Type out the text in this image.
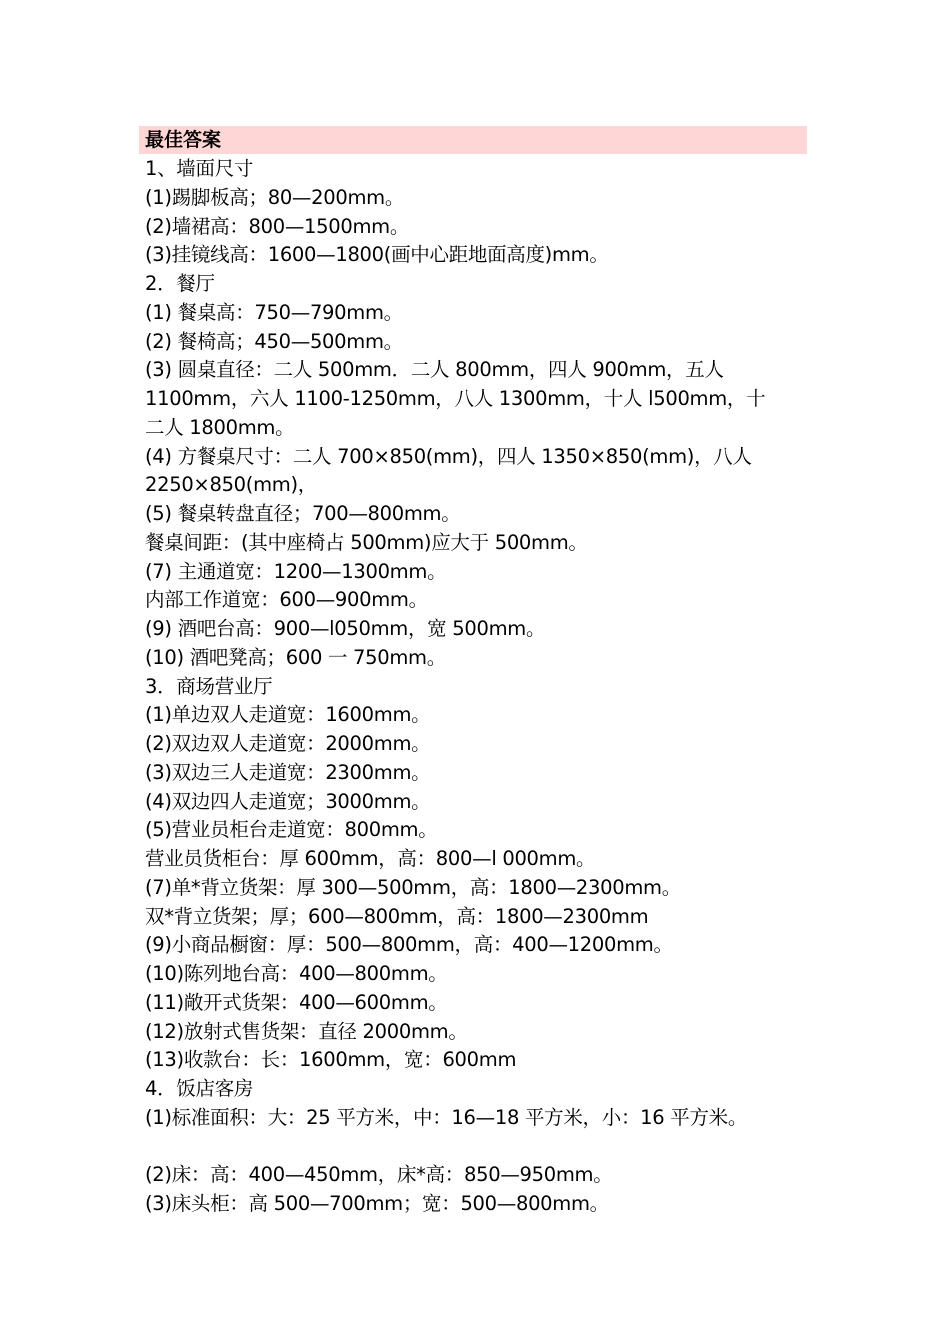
最佳答案
1、墙面尺寸
(1)踢脚板高；80—200mm。
(2)墙裙高：800—1500mm。
(3)挂镜线高：1600—1800(画中心距地面高度)mm。
2．餐厅
(1) 餐桌高：750—790mm。
(2) 餐椅高；450—500mm。
(3) 圆桌直径：二人 500mm．二人 800mm，四人 900mm，五人
1100mm，六人 1100-1250mm，八人 1300mm，十人 l500mm，十
二人 1800mm。
(4) 方餐桌尺寸：二人 700×850(mm)，四人 1350×850(mm)，八人
2250×850(mm)，
(5) 餐桌转盘直径；700—800mm。
餐桌间距：(其中座椅占 500mm)应大于 500mm。
(7) 主通道宽：1200—1300mm。
内部工作道宽：600—900mm。
(9) 酒吧台高：900—l050mm，宽 500mm。
(10) 酒吧凳高；600 一 750mm。
3．商场营业厅
(1)单边双人走道宽：1600mm。
(2)双边双人走道宽：2000mm。
(3)双边三人走道宽：2300mm。
(4)双边四人走道宽；3000mm。
(5)营业员柜台走道宽：800mm。
营业员货柜台：厚 600mm，高：800—l 000mm。
(7)单*背立货架：厚 300—500mm，高：1800—2300mm。
双*背立货架；厚；600—800mm，高：1800—2300mm
(9)小商品橱窗：厚：500—800mm，高：400—1200mm。
(10)陈列地台高：400—800mm。
(11)敞开式货架：400—600mm。
(12)放射式售货架：直径 2000mm。
(13)收款台：长：1600mm，宽：600mm
4．饭店客房
(1)标准面积：大：25 平方米，中：16—18 平方米，小：16 平方米。
(2)床：高：400—450mm，床*高：850—950mm。
(3)床头柜：高 500—700mm；宽：500—800mm。
